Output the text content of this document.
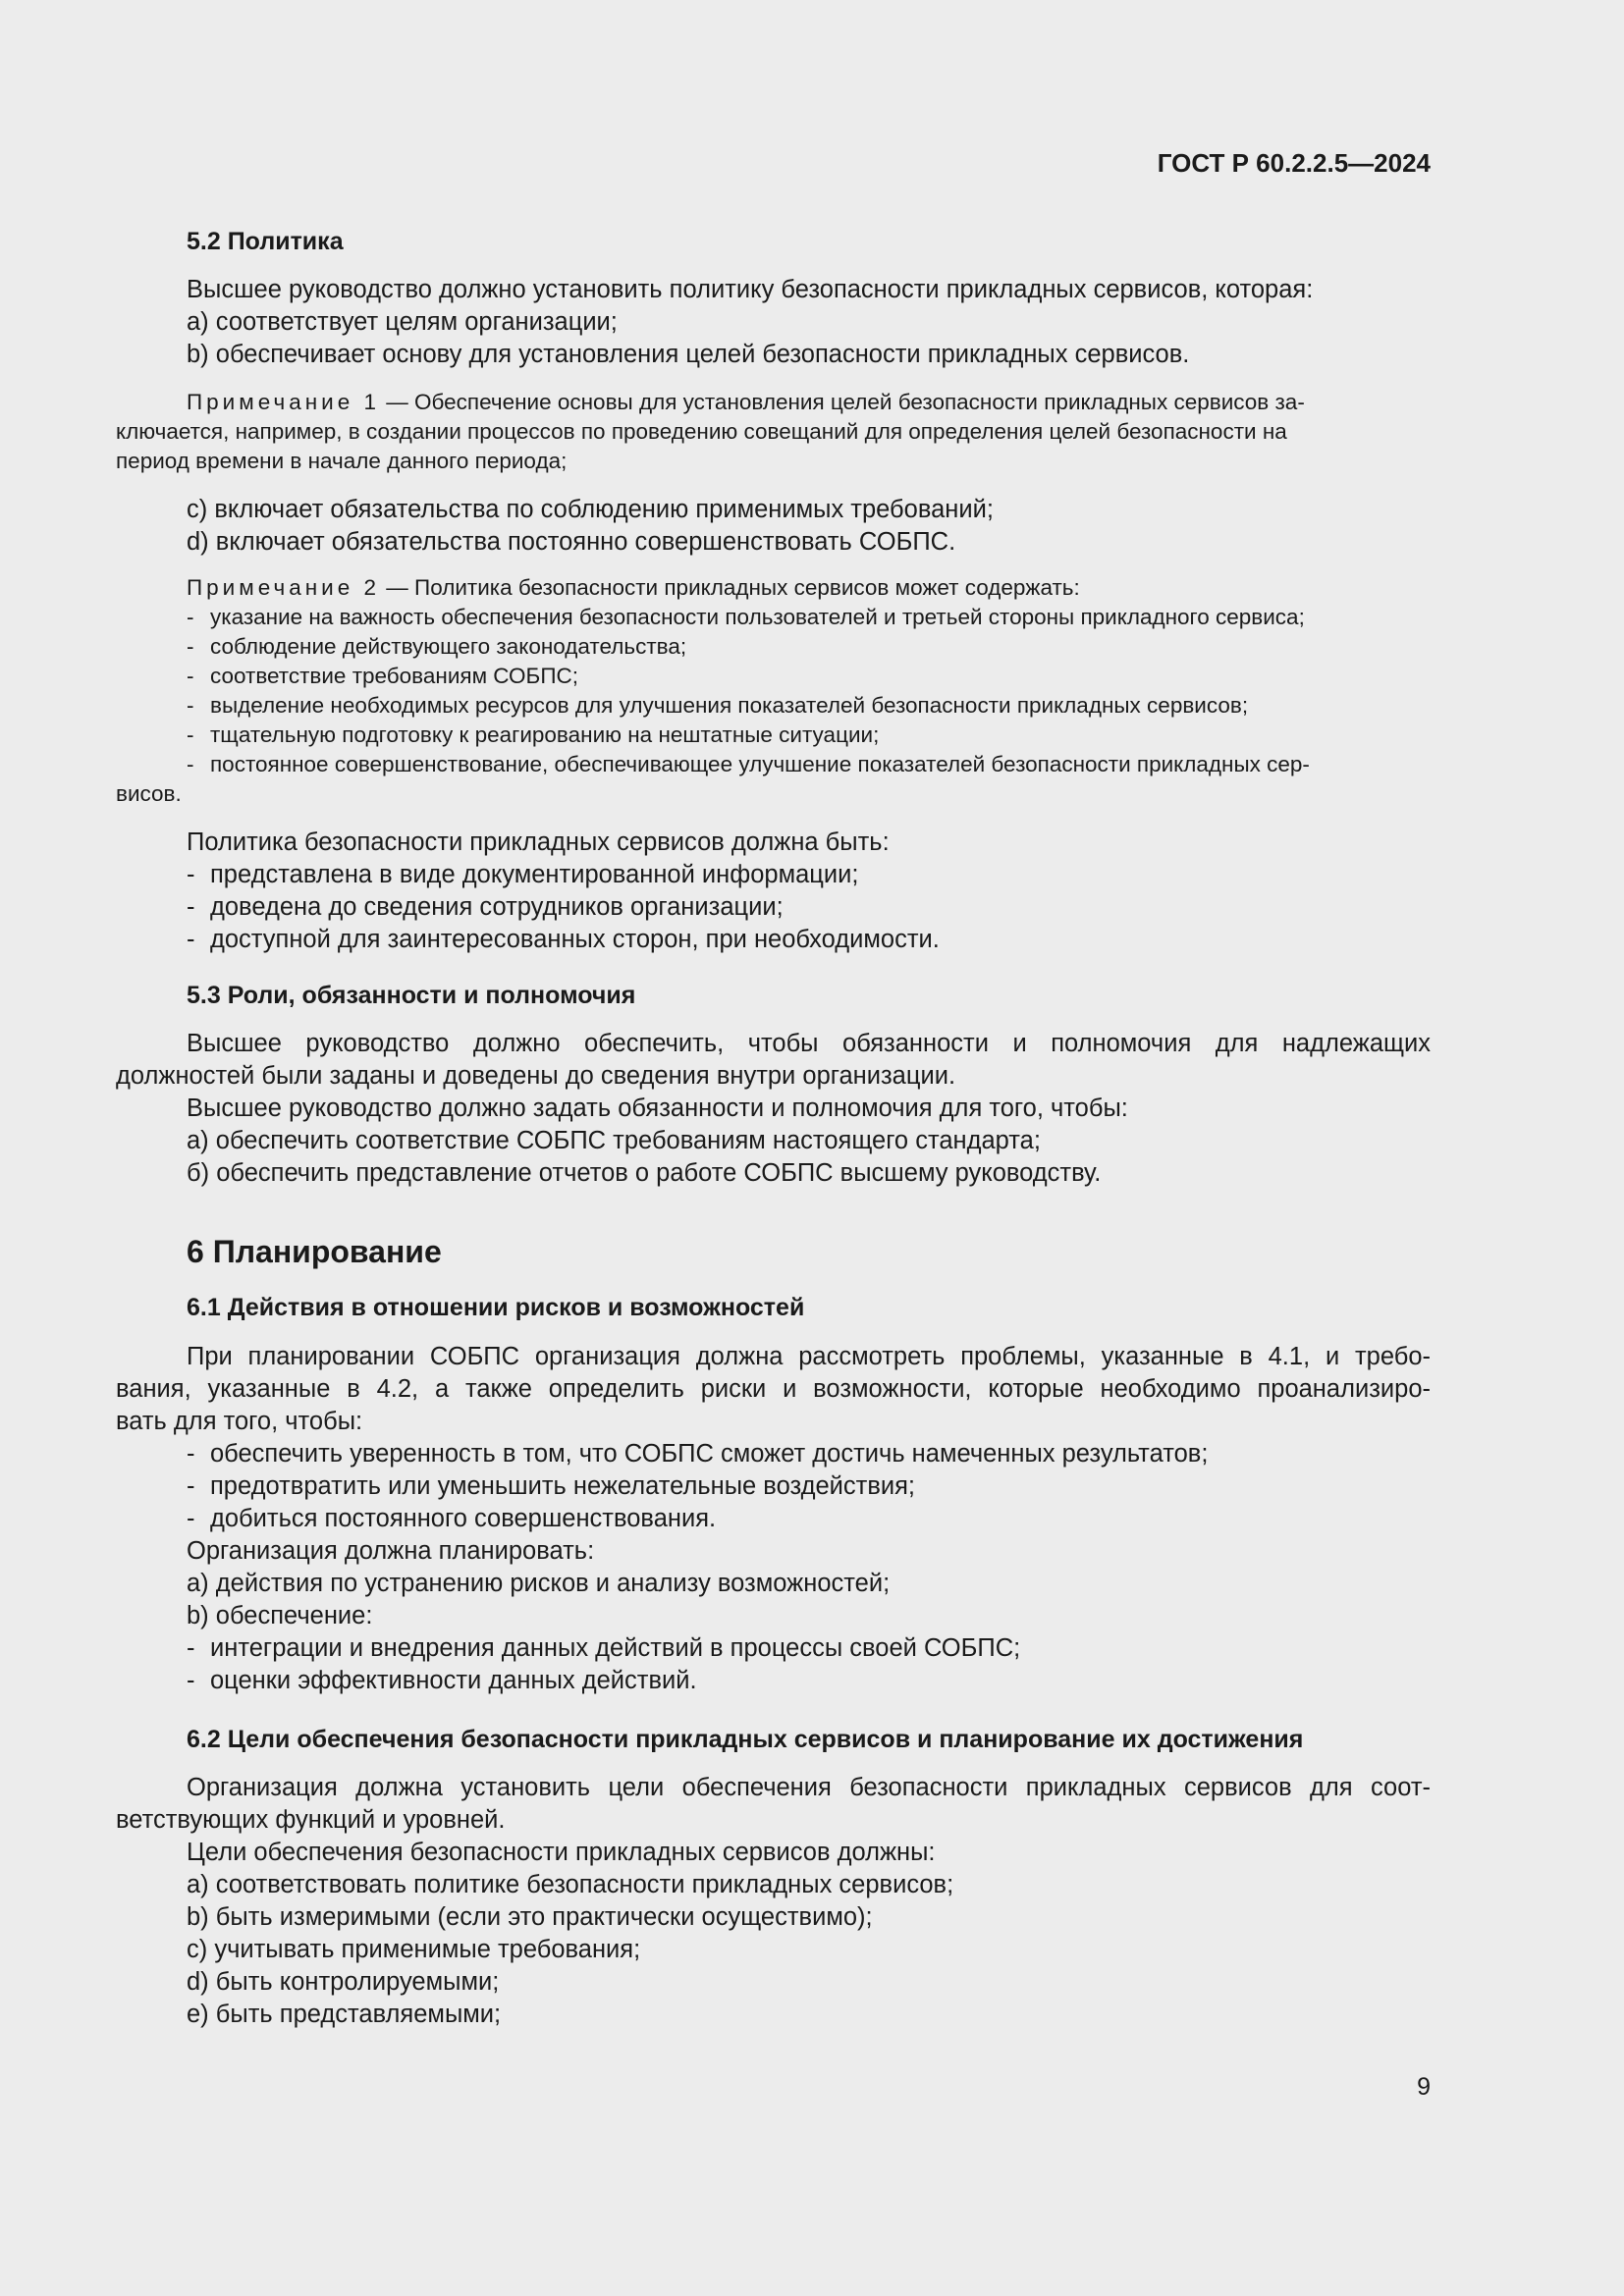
ГОСТ Р 60.2.2.5—2024
5.2 Политика
Высшее руководство должно установить политику безопасности прикладных сервисов, которая:
a) соответствует целям организации;
b) обеспечивает основу для установления целей безопасности прикладных сервисов.
Примечание 1 — Обеспечение основы для установления целей безопасности прикладных сервисов за-
ключается, например, в создании процессов по проведению совещаний для определения целей безопасности на
период времени в начале данного периода;
c) включает обязательства по соблюдению применимых требований;
d) включает обязательства постоянно совершенствовать СОБПС.
Примечание 2 — Политика безопасности прикладных сервисов может содержать:
- указание на важность обеспечения безопасности пользователей и третьей стороны прикладного сервиса;
- соблюдение действующего законодательства;
- соответствие требованиям СОБПС;
- выделение необходимых ресурсов для улучшения показателей безопасности прикладных сервисов;
- тщательную подготовку к реагированию на нештатные ситуации;
- постоянное совершенствование, обеспечивающее улучшение показателей безопасности прикладных сер-
висов.
Политика безопасности прикладных сервисов должна быть:
- представлена в виде документированной информации;
- доведена до сведения сотрудников организации;
- доступной для заинтересованных сторон, при необходимости.
5.3 Роли, обязанности и полномочия
Высшее руководство должно обеспечить, чтобы обязанности и полномочия для надлежащих
должностей были заданы и доведены до сведения внутри организации.
Высшее руководство должно задать обязанности и полномочия для того, чтобы:
а) обеспечить соответствие СОБПС требованиям настоящего стандарта;
б) обеспечить представление отчетов о работе СОБПС высшему руководству.
6 Планирование
6.1 Действия в отношении рисков и возможностей
При планировании СОБПС организация должна рассмотреть проблемы, указанные в 4.1, и требо-
вания, указанные в 4.2, а также определить риски и возможности, которые необходимо проанализиро-
вать для того, чтобы:
- обеспечить уверенность в том, что СОБПС сможет достичь намеченных результатов;
- предотвратить или уменьшить нежелательные воздействия;
- добиться постоянного совершенствования.
Организация должна планировать:
a) действия по устранению рисков и анализу возможностей;
b) обеспечение:
- интеграции и внедрения данных действий в процессы своей СОБПС;
- оценки эффективности данных действий.
6.2 Цели обеспечения безопасности прикладных сервисов и планирование их достижения
Организация должна установить цели обеспечения безопасности прикладных сервисов для соот-
ветствующих функций и уровней.
Цели обеспечения безопасности прикладных сервисов должны:
a) соответствовать политике безопасности прикладных сервисов;
b) быть измеримыми (если это практически осуществимо);
c) учитывать применимые требования;
d) быть контролируемыми;
e) быть представляемыми;
9
